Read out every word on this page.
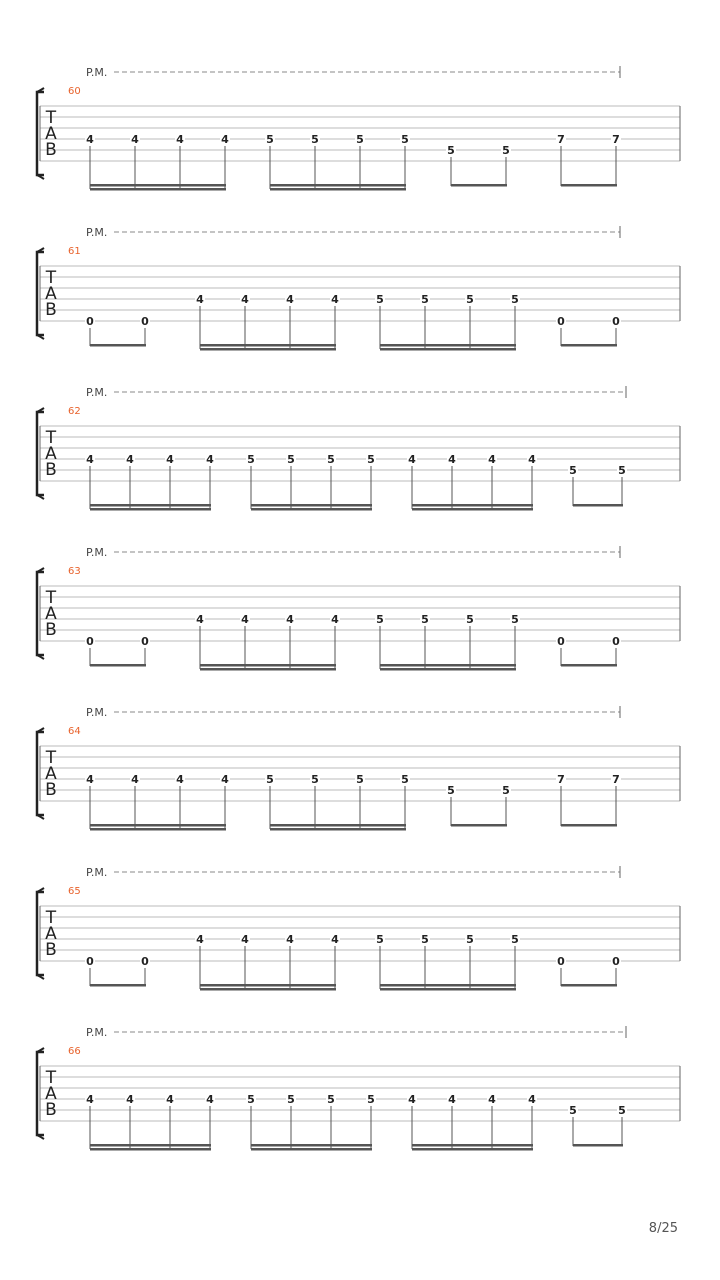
P.M.
60
T
A
B
4	4	4	4	5	5	5	5
5	5
7	7
P.M.
61
T
A
B
0	0
4	4	4	4	5	5	5	5
0	0
P.M.
62
T
A
B
4	4	4	4	5	5	5	5	4	4	4	4
5	5
P.M.
63
T
A
B
0	0
4	4	4	4	5	5	5	5
0	0
P.M.
64
T
A
B
4	4	4	4	5	5	5	5
5	5
7	7
P.M.
65
T
A
B
0	0
4	4	4	4	5	5	5	5
0	0
P.M.
66
T
A
B
4	4	4	4	5	5	5	5	4	4	4	4
5	5
8/25
